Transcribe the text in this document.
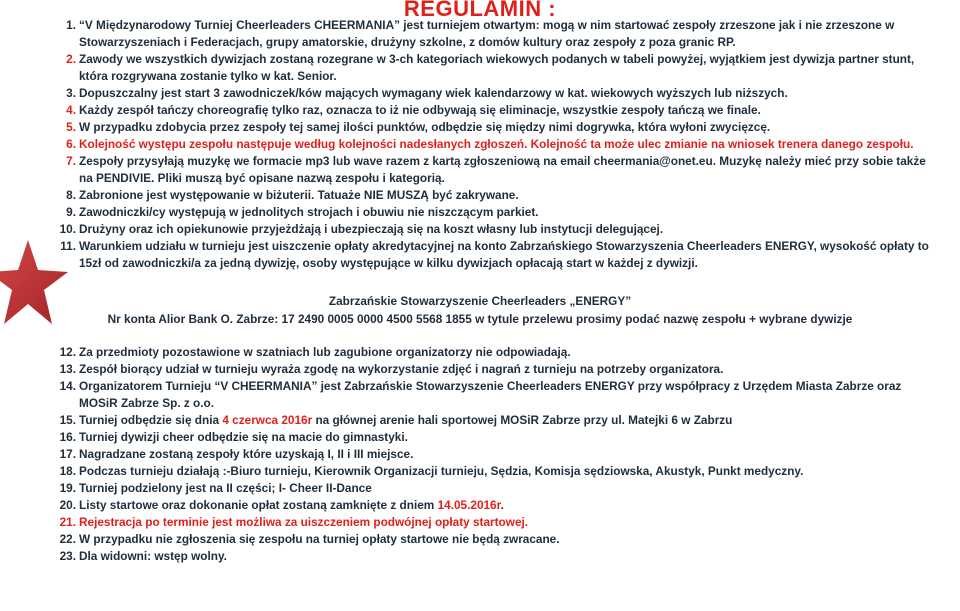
REGULAMIN :
1. “V Międzynarodowy Turniej Cheerleaders CHEERMANIA” jest turniejem otwartym: mogą w nim startować zespoły zrzeszone jak i nie zrzeszone w Stowarzyszeniach i Federacjach, grupy amatorskie, drużyny szkolne, z domów kultury oraz zespoły z poza granic RP.
2. Zawody we wszystkich dywizjach zostaną rozegrane w 3-ch kategoriach wiekowych podanych w tabeli powyżej, wyjątkiem jest dywizja partner stunt, która rozgrywana zostanie tylko w kat. Senior.
3. Dopuszczalny jest start 3 zawodniczek/ków mających wymagany wiek kalendarzowy w kat. wiekowych wyższych lub niższych.
4. Każdy zespół tańczy choreografię tylko raz, oznacza to iż nie odbywają się eliminacje, wszystkie zespoły tańczą we finale.
5. W przypadku zdobycia przez zespoły tej samej ilości punktów, odbędzie się między nimi dogrywka, która wyłoni zwycięzcę.
6. Kolejność występu zespołu następuje według kolejności nadesłanych zgłoszeń. Kolejność ta może ulec zmianie na wniosek trenera danego zespołu.
7. Zespoły przysyłają muzykę we formacie mp3 lub wave razem z kartą zgłoszeniową na email cheermania@onet.eu. Muzykę należy mieć przy sobie także na PENDIVIE. Pliki muszą być opisane nazwą zespołu i kategorią.
8. Zabronione jest występowanie w biżuterii. Tatuaże NIE MUSZĄ być zakrywane.
9. Zawodniczki/cy występują w jednolitych strojach i obuwiu nie niszczącym parkiet.
10. Drużyny oraz ich opiekunowie przyjeżdżają i ubezpieczają się na koszt własny lub instytucji delegującej.
11. Warunkiem udziału w turnieju jest uiszczenie opłaty akredytacyjnej na konto Zabrzańskiego Stowarzyszenia Cheerleaders ENERGY, wysokość opłaty to 15zł od zawodniczki/a za jedną dywizję, osoby występujące w kilku dywizjach opłacają start w każdej z dywizji.
Zabrzańskie Stowarzyszenie Cheerleaders „ENERGY”
Nr konta Alior Bank O. Zabrze: 17 2490 0005 0000 4500 5568 1855 w tytule przelewu prosimy podać nazwę zespołu + wybrane dywizje
12. Za przedmioty pozostawione w szatniach lub zagubione organizatorzy nie odpowiadają.
13. Zespół biorący udział w turnieju wyraża zgodę na wykorzystanie zdjęć i nagrań z turnieju na potrzeby organizatora.
14. Organizatorem Turnieju “V CHEERMANIA” jest Zabrzańskie Stowarzyszenie Cheerleaders ENERGY przy współpracy z Urzędem Miasta Zabrze oraz MOSiR Zabrze Sp. z o.o.
15. Turniej odbędzie się dnia 4 czerwca 2016r na głównej arenie hali sportowej MOSiR Zabrze przy ul. Matejki 6 w Zabrzu
16. Turniej dywizji cheer odbędzie się na macie do gimnastyki.
17. Nagradzane zostaną zespoły które uzyskają I, II i III miejsce.
18. Podczas turnieju działają :-Biuro turnieju, Kierownik Organizacji turnieju, Sędzia, Komisja sędziowska, Akustyk, Punkt medyczny.
19. Turniej podzielony jest na II części; I- Cheer II-Dance
20. Listy startowe oraz dokonanie opłat zostaną zamknięte z dniem 14.05.2016r.
21. Rejestracja po terminie jest możliwa za uiszczeniem podwójnej opłaty startowej.
22. W przypadku nie zgłoszenia się zespołu na turniej opłaty startowe nie będą zwracane.
23. Dla widowni: wstęp wolny.
